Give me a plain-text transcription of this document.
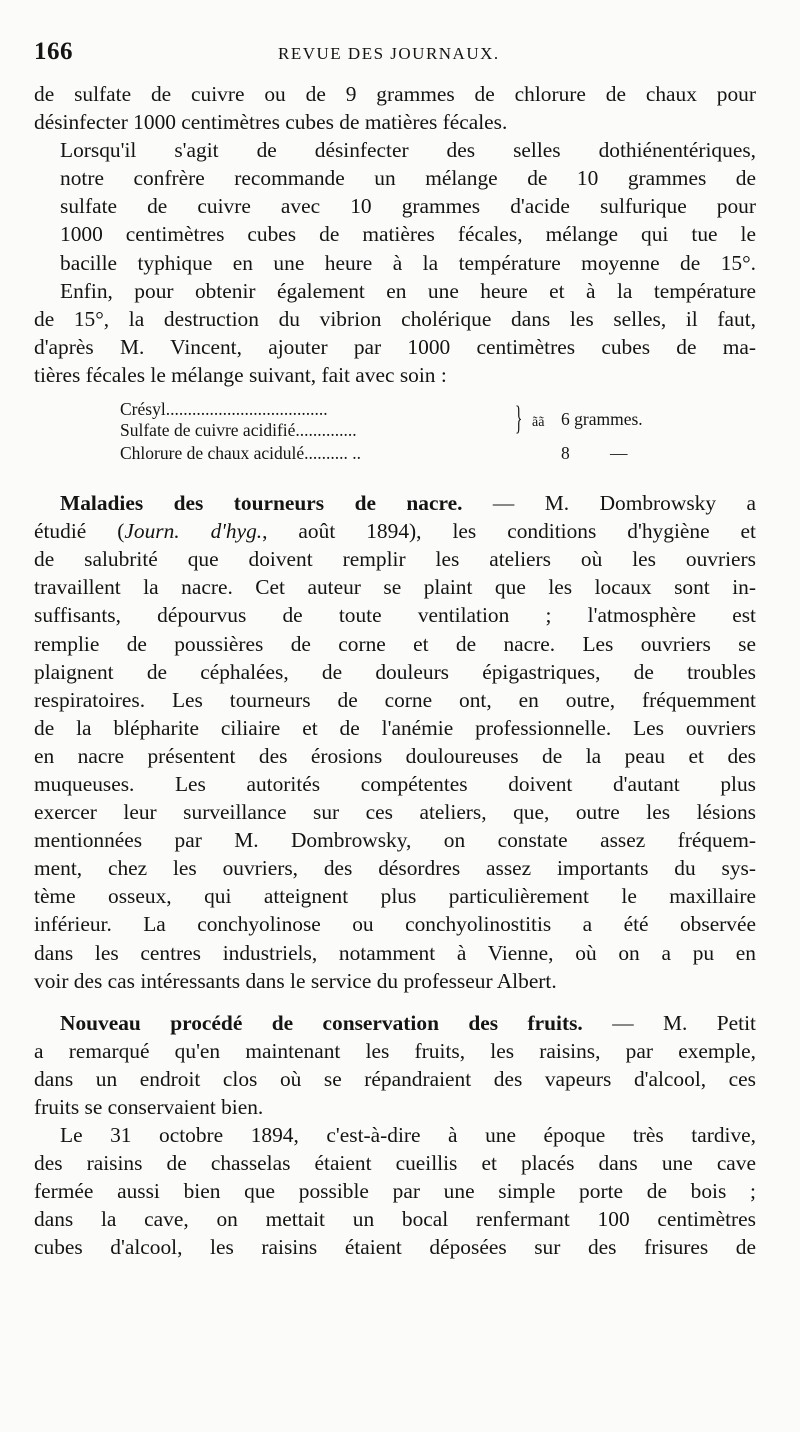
166	REVUE DES JOURNAUX.
de sulfate de cuivre ou de 9 grammes de chlorure de chaux pour
désinfecter 1000 centimètres cubes de matières fécales.
Lorsqu'il s'agit de désinfecter des selles dothiénentériques,
notre confrère recommande un mélange de 10 grammes de
sulfate de cuivre avec 10 grammes d'acide sulfurique pour
1000 centimètres cubes de matières fécales, mélange qui tue le
bacille typhique en une heure à la température moyenne de 15°.
Enfin, pour obtenir également en une heure et à la température
de 15°, la destruction du vibrion cholérique dans les selles, il faut,
d'après M. Vincent, ajouter par 1000 centimètres cubes de ma-
tières fécales le mélange suivant, fait avec soin :
Crésyl.....................................
Sulfate de cuivre acidifié..............
Chlorure de chaux acidulé.......... ..
} ãã 6 grammes.
8 —
Maladies des tourneurs de nacre. — M. Dombrowsky a
étudié (Journ. d'hyg., août 1894), les conditions d'hygiène et
de salubrité que doivent remplir les ateliers où les ouvriers
travaillent la nacre. Cet auteur se plaint que les locaux sont in-
suffisants, dépourvus de toute ventilation ; l'atmosphère est
remplie de poussières de corne et de nacre. Les ouvriers se
plaignent de céphalées, de douleurs épigastriques, de troubles
respiratoires. Les tourneurs de corne ont, en outre, fréquemment
de la blépharite ciliaire et de l'anémie professionnelle. Les ouvriers
en nacre présentent des érosions douloureuses de la peau et des
muqueuses. Les autorités compétentes doivent d'autant plus
exercer leur surveillance sur ces ateliers, que, outre les lésions
mentionnées par M. Dombrowsky, on constate assez fréquem-
ment, chez les ouvriers, des désordres assez importants du sys-
tème osseux, qui atteignent plus particulièrement le maxillaire
inférieur. La conchyolinose ou conchyolinostitis a été observée
dans les centres industriels, notamment à Vienne, où on a pu en
voir des cas intéressants dans le service du professeur Albert.
Nouveau procédé de conservation des fruits. — M. Petit
a remarqué qu'en maintenant les fruits, les raisins, par exemple,
dans un endroit clos où se répandraient des vapeurs d'alcool, ces
fruits se conservaient bien.
Le 31 octobre 1894, c'est-à-dire à une époque très tardive,
des raisins de chasselas étaient cueillis et placés dans une cave
fermée aussi bien que possible par une simple porte de bois ;
dans la cave, on mettait un bocal renfermant 100 centimètres
cubes d'alcool, les raisins étaient déposées sur des frisures de
